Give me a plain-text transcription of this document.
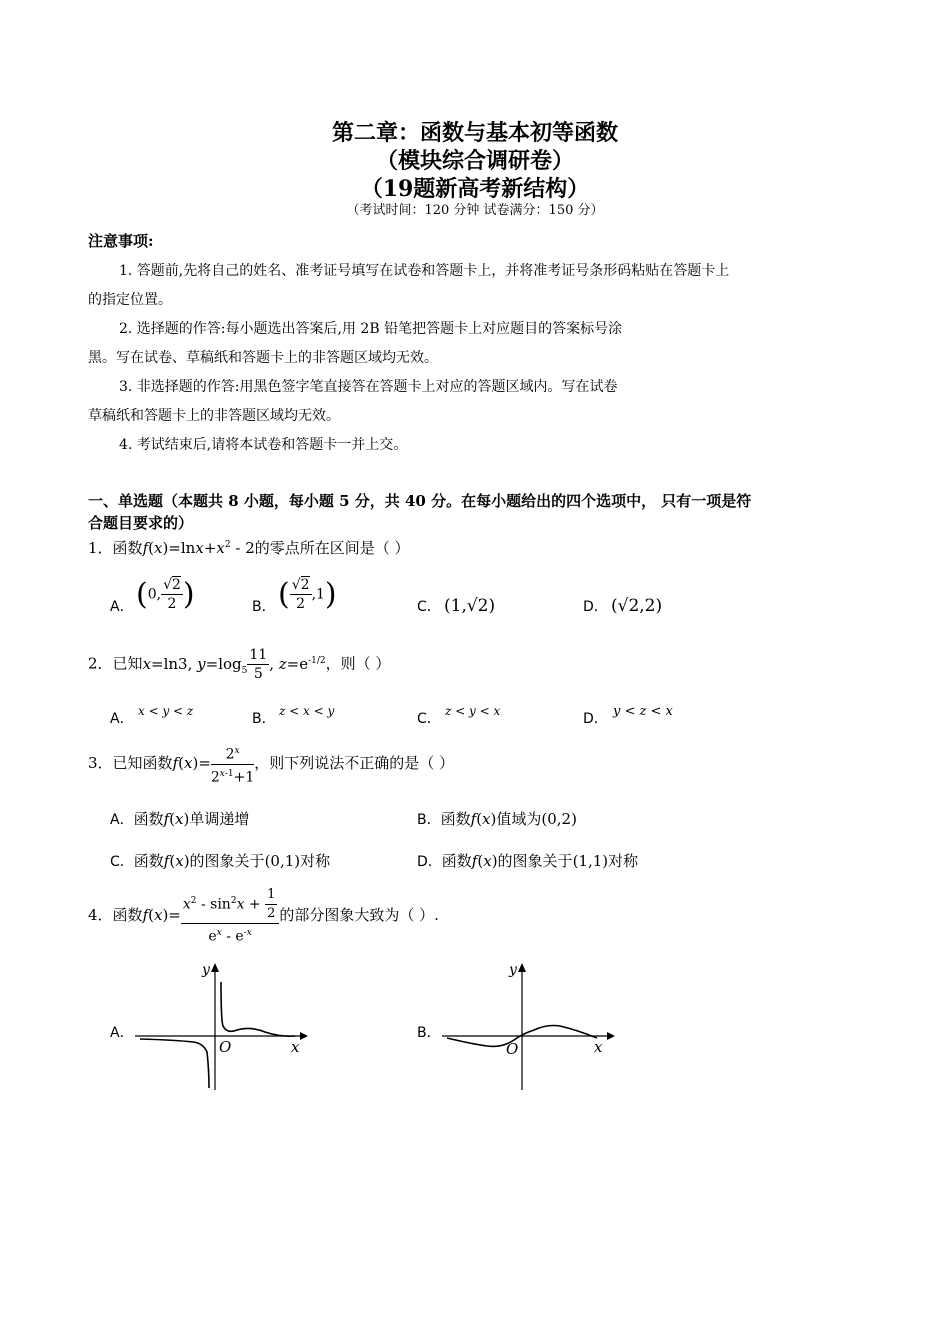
第二章：函数与基本初等函数
（模块综合调研卷）
（19题新高考新结构）
（考试时间：120 分钟 试卷满分：150 分）
注意事项:
1. 答题前,先将自己的姓名、准考证号填写在试卷和答题卡上，并将准考证号条形码粘贴在答题卡上
的指定位置。
2. 选择题的作答:每小题选出答案后,用 2B 铅笔把答题卡上对应题目的答案标号涂
黑。写在试卷、草稿纸和答题卡上的非答题区域均无效。
3. 非选择题的作答:用黑色签字笔直接答在答题卡上对应的答题区域内。写在试卷
草稿纸和答题卡上的非答题区域均无效。
4. 考试结束后,请将本试卷和答题卡一并上交。
一、单选题（本题共 8 小题，每小题 5 分，共 40 分。在每小题给出的四个选项中， 只有一项是符
合题目要求的）
1．函数$f(x)=\ln x+x^2 - 2$的零点所在区间是（ ）
A． (0, $\frac{√2}{2}$ )	B． ( $\frac{√2}{2} ,1$)	C． (1,√2)	D． (√2,2)
2．已知x=ln3, $y=\log_5 \frac{11}{5}$ , $z=e^{-1/2}$，则（ ）
A． x < y < z	B． z < x < y	C． z < y < x	D． y < z < x
3．已知函数$f(x)= \frac{2^x}{2^{x-1}+1}$ ，则下列说法不正确的是（ ）
A．函数f(x)单调递增	B．函数f(x)值域为(0,2)
C．函数f(x)的图象关于(0,1)对称	D．函数f(x)的图象关于(1,1)对称
4．函数$f(x)= \frac{x^2 - \sin^2x + \frac{1}{2}}{e^x - e^{-x}}$ 的部分图象大致为（ ）.
A．
y
x
O
B．
y
x
O
